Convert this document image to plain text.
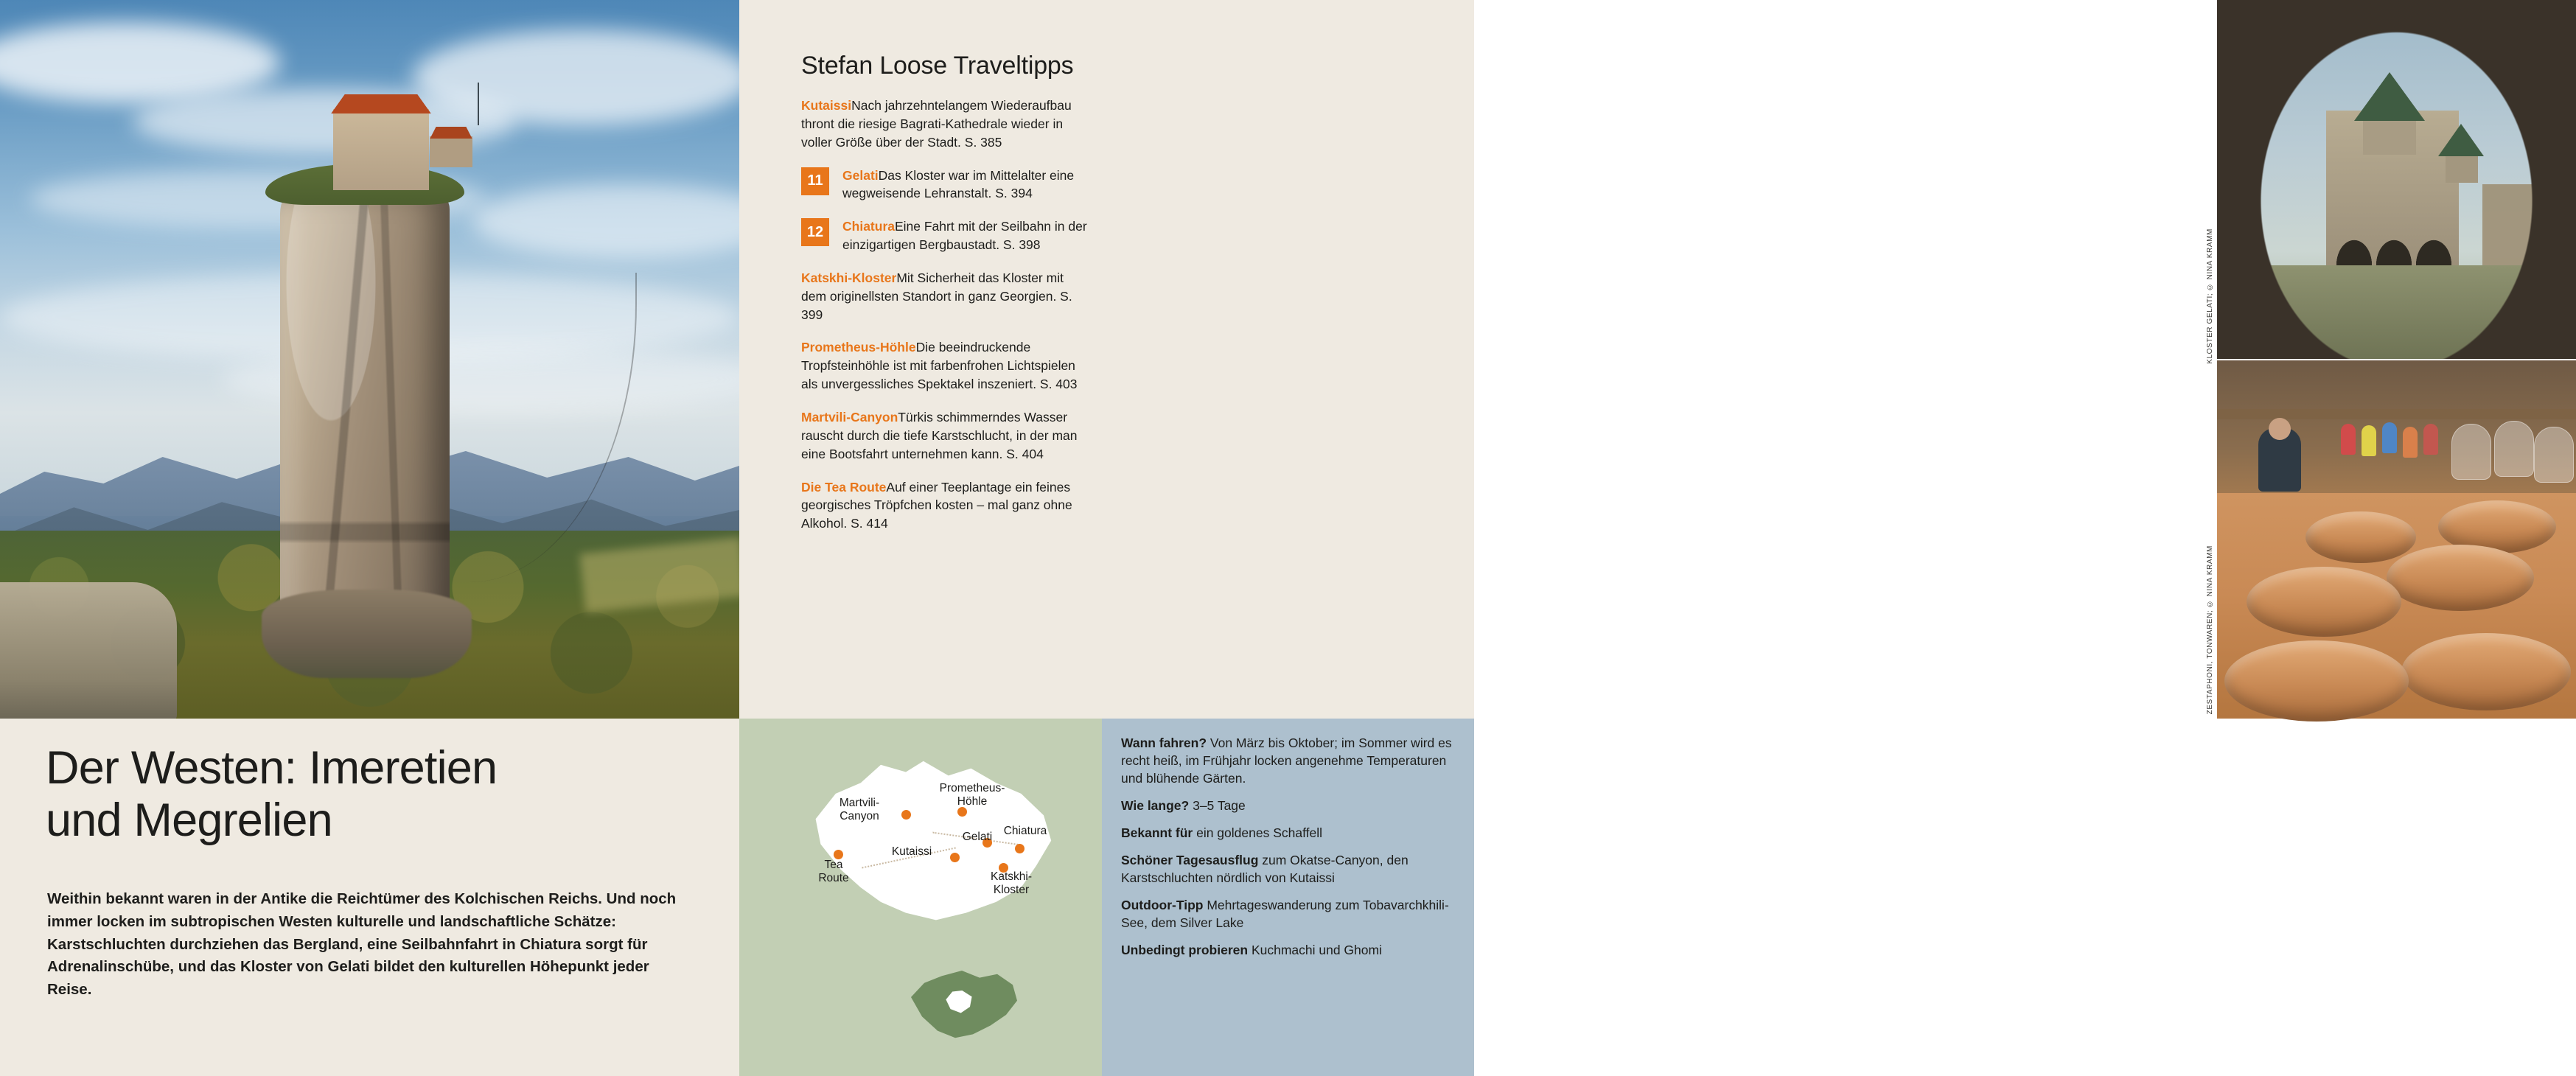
Stefan Loose Traveltipps
KutaissiNach jahrzehntelangem Wiederaufbau thront die riesige Bagrati-Kathedrale wieder in voller Größe über der Stadt. S. 385
11	GelatiDas Kloster war im Mittelalter eine wegweisende Lehranstalt. S. 394
12	ChiaturaEine Fahrt mit der Seilbahn in der einzigartigen Bergbaustadt. S. 398
Katskhi-KlosterMit Sicherheit das Kloster mit dem originellsten Standort in ganz Georgien. S. 399
Prometheus-HöhleDie beeindruckende Tropfsteinhöhle ist mit farbenfrohen Lichtspielen als unvergessliches Spektakel inszeniert. S. 403
Martvili-CanyonTürkis schimmerndes Wasser rauscht durch die tiefe Karstschlucht, in der man eine Bootsfahrt unternehmen kann. S. 404
Die Tea RouteAuf einer Teeplantage ein feines georgisches Tröpfchen kosten – mal ganz ohne Alkohol. S. 414
KLOSTER GELATI; © NINA KRAMM
ZESTAPHONI, TONWAREN; © NINA KRAMM
Der Westen: Imeretien
und Megrelien
Weithin bekannt waren in der Antike die Reichtümer des Kolchischen Reichs. Und noch immer locken im subtropischen Westen kulturelle und landschaftliche Schätze: Karstschluchten durchziehen das Bergland, eine Seilbahnfahrt in Chiatura sorgt für Adrenalinschübe, und das Kloster von Gelati bildet den kulturellen Höhepunkt jeder Reise.
Martvili-
Canyon
Prometheus-
Höhle
Kutaissi
Gelati Chiatura
Katskhi-
Kloster
Tea
Route
Wann fahren? Von März bis Oktober; im Sommer wird es recht heiß, im Frühjahr locken angenehme Temperaturen und blühende Gärten.
Wie lange? 3–5 Tage
Bekannt für ein goldenes Schaffell
Schöner Tagesausflug zum Okatse-Canyon, den Karstschluchten nördlich von Kutaissi
Outdoor-Tipp Mehrtageswanderung zum Tobavarchkhili-See, dem Silver Lake
Unbedingt probieren Kuchmachi und Ghomi
